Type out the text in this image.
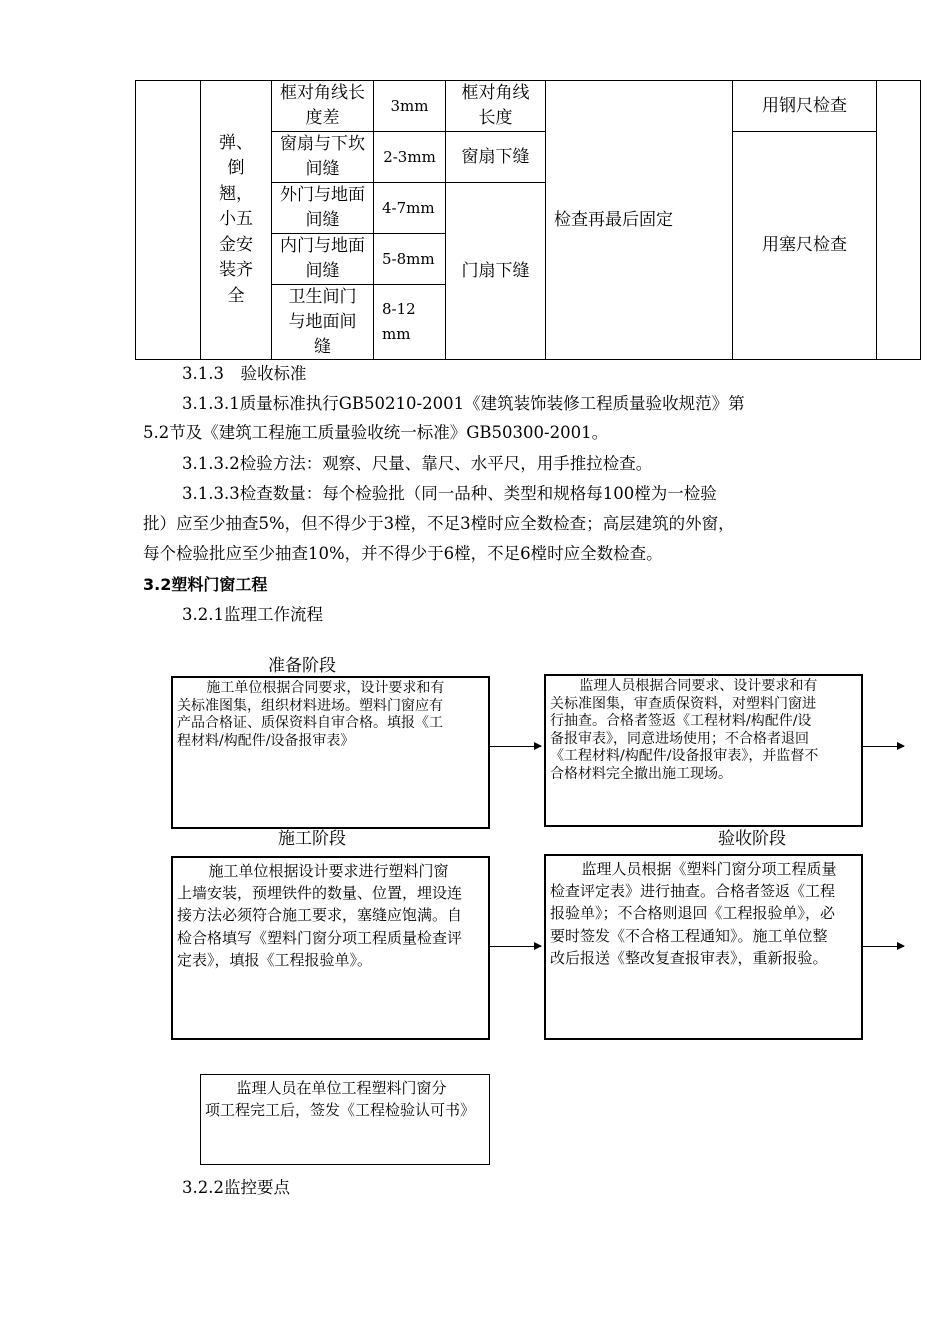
弹、倒翘，小五金安装齐全
框对角线长度差
3mm
框对角线长度
窗扇与下坎间缝
2-3mm 窗扇下缝
外门与地面间缝
4-7mm
内门与地面间缝
5-8mm
卫生间门与地面间缝
8-12mm
门扇下缝
检查再最后固定
用钢尺检查
用塞尺检查
3.1.3　验收标准
3.1.3.1质量标准执行GB50210-2001《建筑装饰装修工程质量验收规范》第
5.2节及《建筑工程施工质量验收统一标准》GB50300-2001。
3.1.3.2检验方法：观察、尺量、靠尺、水平尺，用手推拉检查。
3.1.3.3检查数量：每个检验批（同一品种、类型和规格每100樘为一检验
批）应至少抽查5%，但不得少于3樘，不足3樘时应全数检查；高层建筑的外窗，
每个检验批应至少抽查10%，并不得少于6樘，不足6樘时应全数检查。
3.2塑料门窗工程
3.2.1监理工作流程
准备阶段
施工阶段	验收阶段
施工单位根据合同要求，设计要求和有
关标准图集，组织材料进场。塑料门窗应有
产品合格证、质保资料自审合格。填报《工
程材料/构配件/设备报审表》
监理人员根据合同要求、设计要求和有
关标准图集，审查质保资料，对塑料门窗进
行抽查。合格者签返《工程材料/构配件/设
备报审表》，同意进场使用；不合格者退回
《工程材料/构配件/设备报审表》，并监督不
合格材料完全撤出施工现场。
施工单位根据设计要求进行塑料门窗
上墙安装，预埋铁件的数量、位置，埋设连
接方法必须符合施工要求，塞缝应饱满。自
检合格填写《塑料门窗分项工程质量检查评
定表》，填报《工程报验单》。
监理人员根据《塑料门窗分项工程质量
检查评定表》进行抽查。合格者签返《工程
报验单》；不合格则退回《工程报验单》，必
要时签发《不合格工程通知》。施工单位整
改后报送《整改复查报审表》，重新报验。
监理人员在单位工程塑料门窗分
项工程完工后，签发《工程检验认可书》
3.2.2监控要点
